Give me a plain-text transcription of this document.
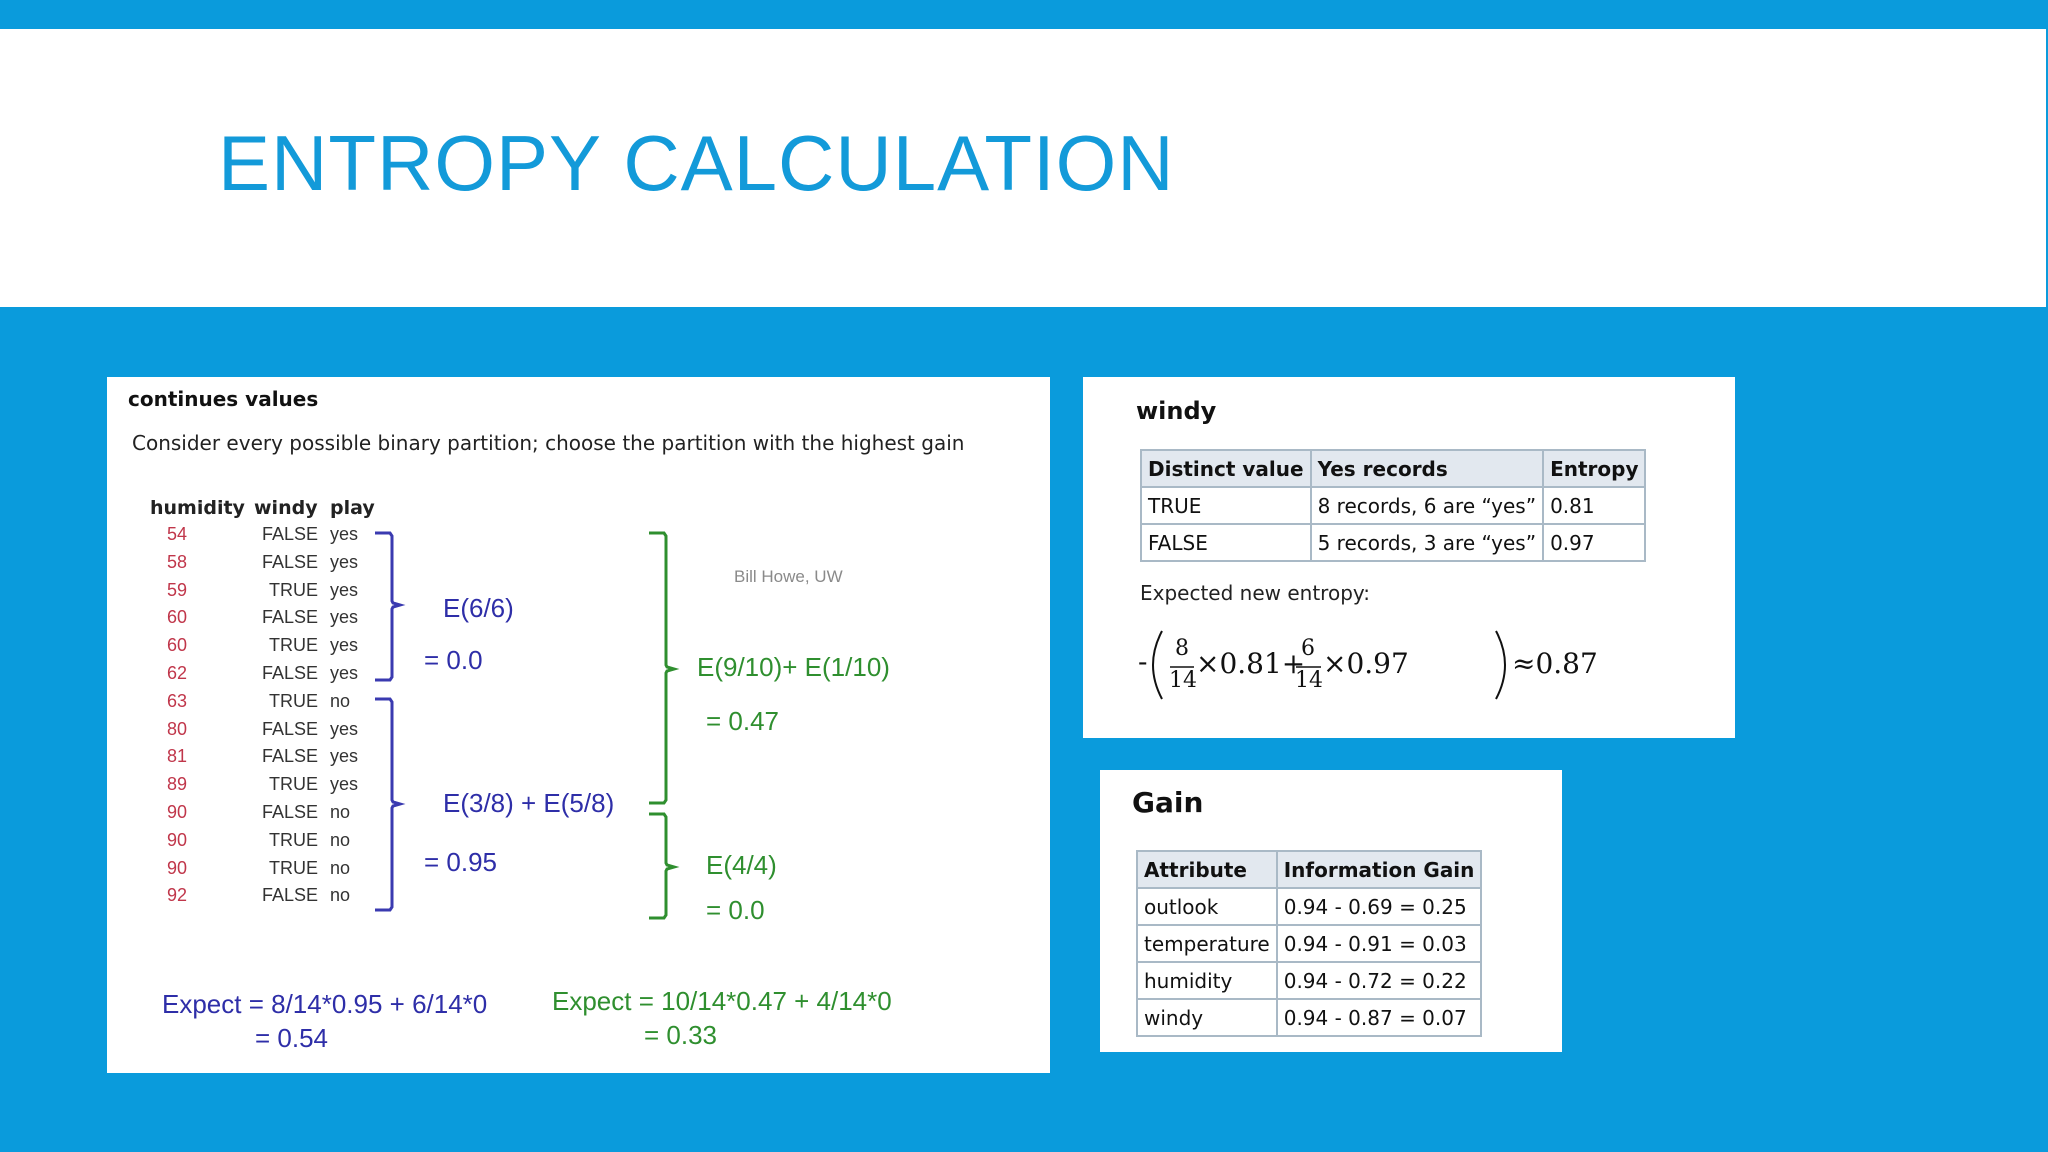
ENTROPY CALCULATION
continues values
Consider every possible binary partition; choose the partition with the highest gain
humidity windy play
54	FALSE yes
58	FALSE yes
59	TRUE yes
60	FALSE yes
60	TRUE yes
62	FALSE yes
63	TRUE no
80	FALSE yes
81	FALSE yes
89	TRUE yes
90	FALSE no
90	TRUE no
90	TRUE no
92	FALSE no
Bill Howe, UW
E(6/6)
= 0.0
E(3/8) + E(5/8)
= 0.95
E(9/10)+ E(1/10)
= 0.47
E(4/4)
= 0.0
Expect = 8/14*0.95 + 6/14*0
= 0.54
Expect = 10/14*0.47 + 4/14*0
= 0.33
windy
Distinct value	Yes records	Entropy
TRUE	8 records, 6 are “yes”	0.81
FALSE	5 records, 3 are “yes”	0.97
Expected new entropy:
- 8
14
×0.81+
6
14
×0.97	≈0.87
Gain
Attribute	Information Gain
outlook	0.94 - 0.69 = 0.25
temperature	0.94 - 0.91 = 0.03
humidity	0.94 - 0.72 = 0.22
windy	0.94 - 0.87 = 0.07
